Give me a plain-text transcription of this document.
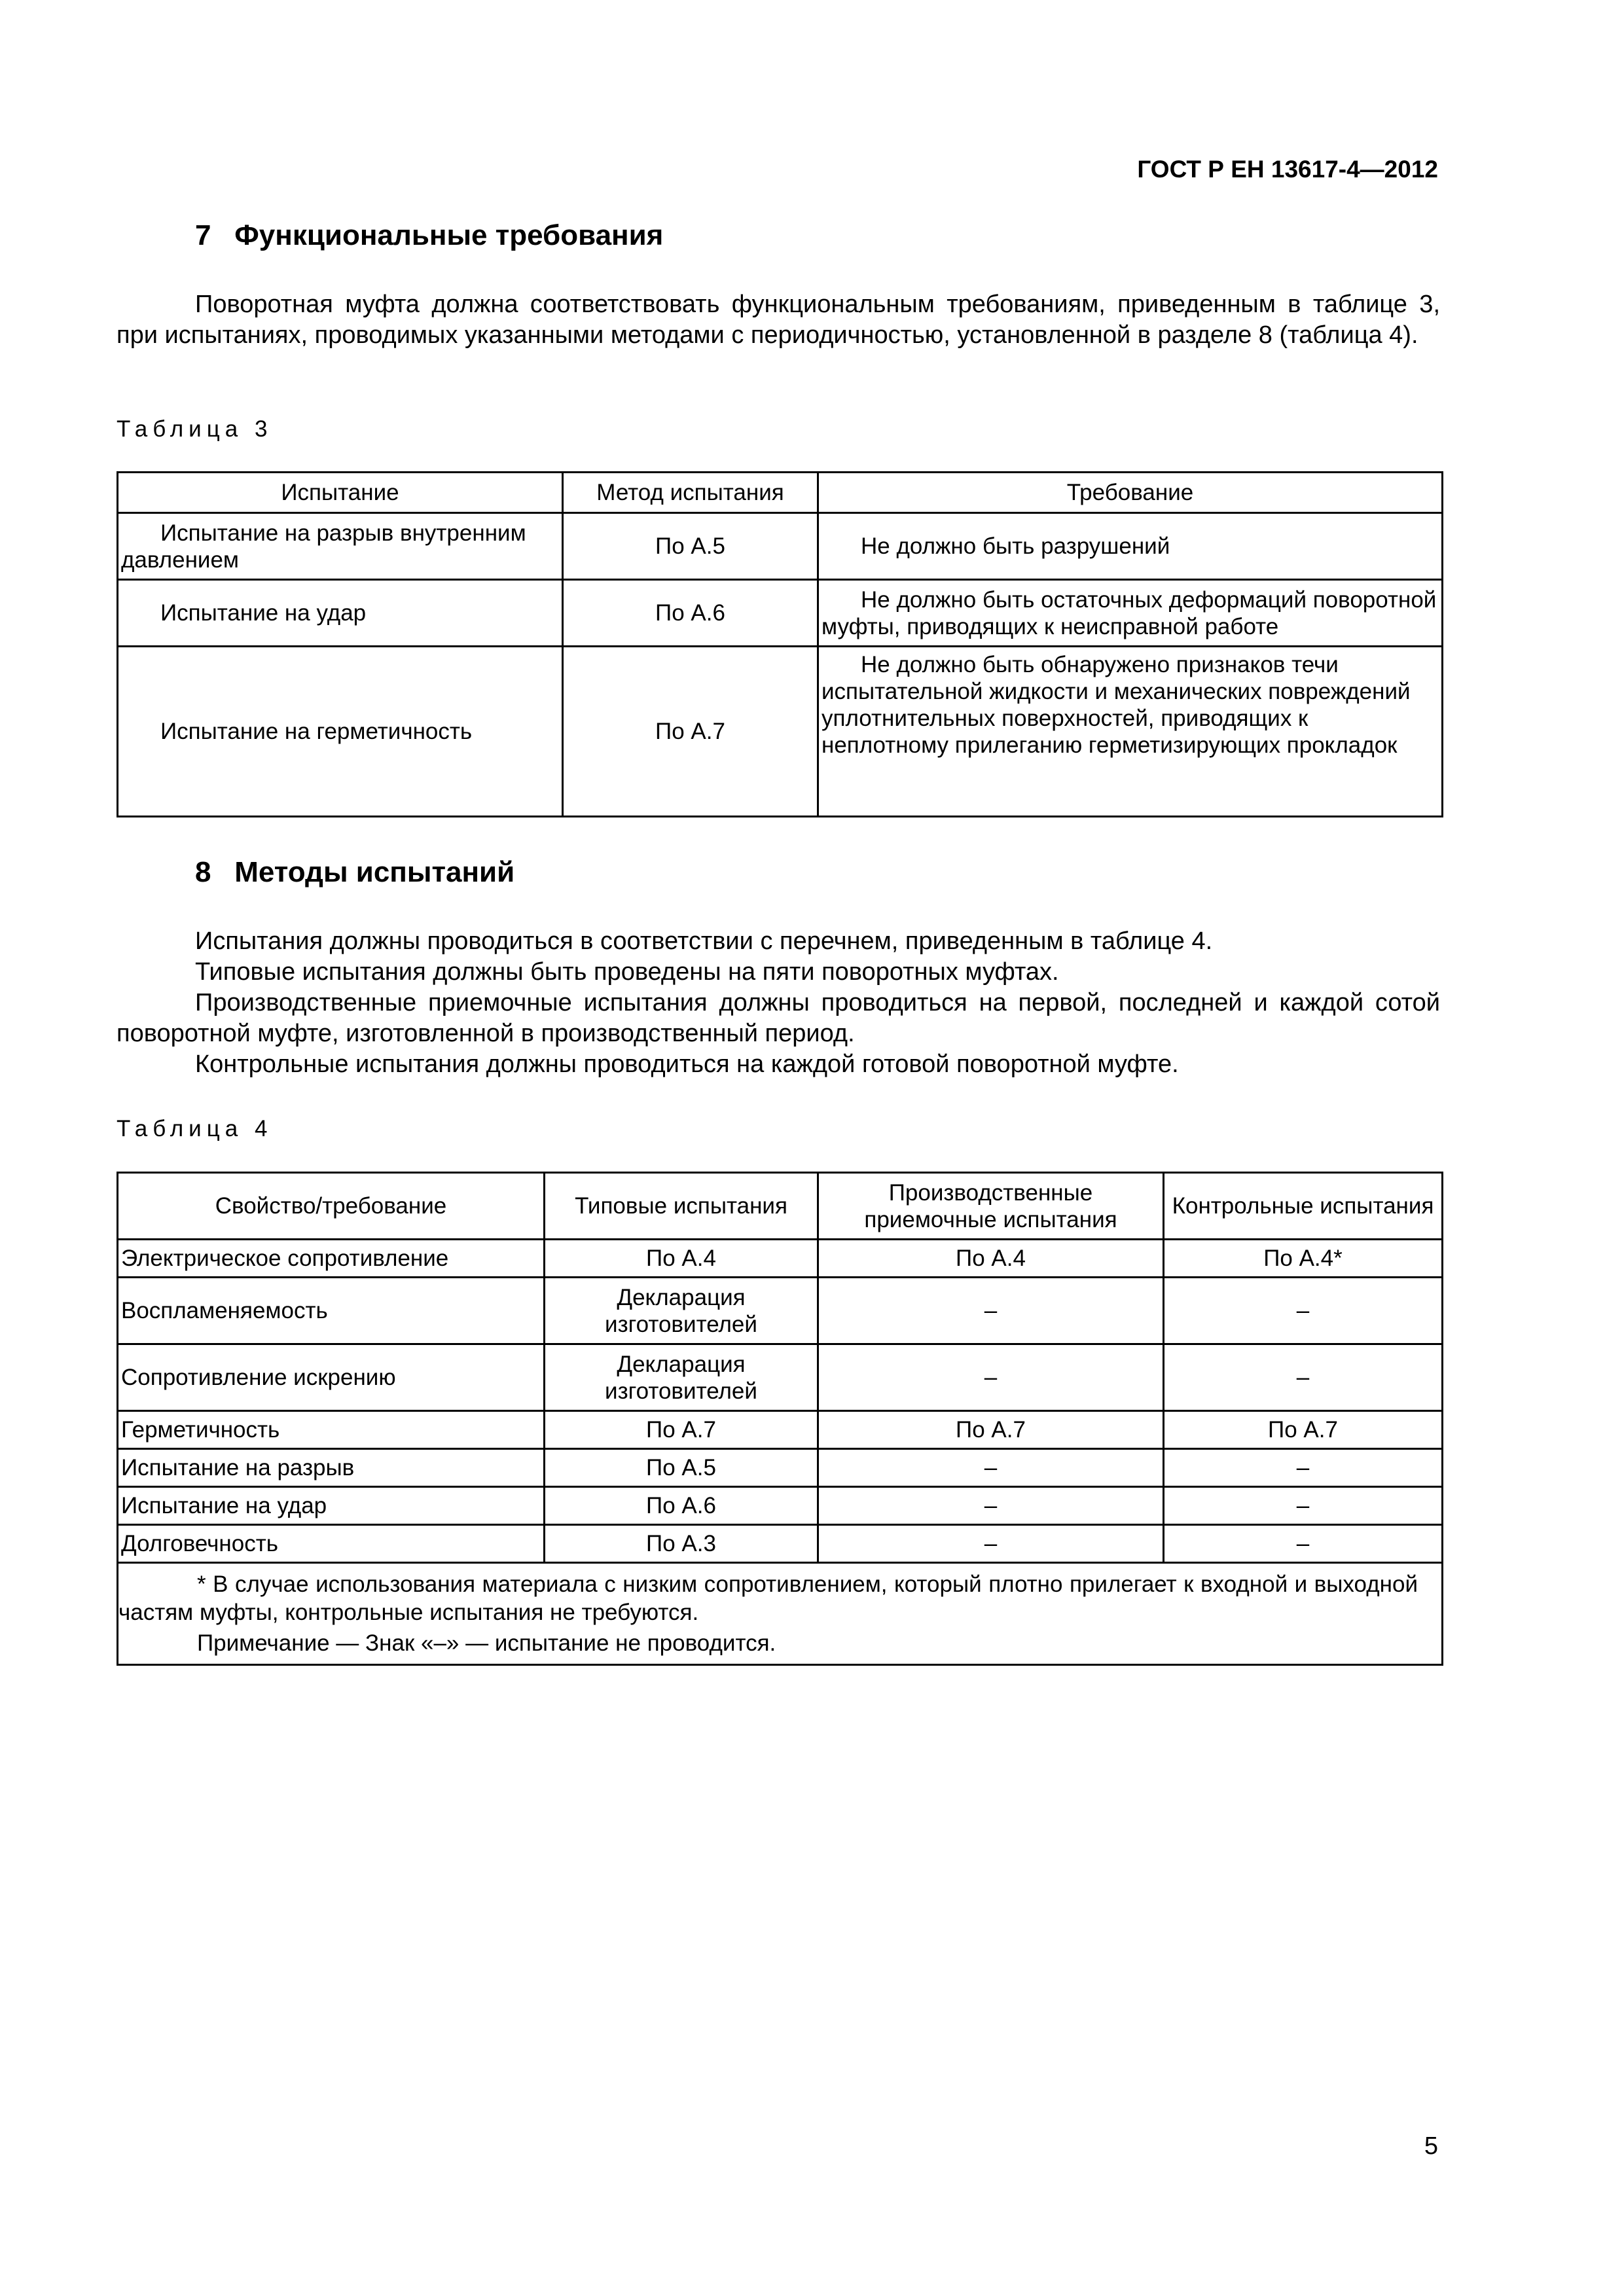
ГОСТ Р ЕН 13617-4—2012
7 Функциональные требования

Поворотная муфта должна соответствовать функциональным требованиям, приведенным в таблице 3, при испытаниях, проводимых указанными методами с периодичностью, установленной в разделе 8 (таблица 4).

Таблица 3
Испытание	Метод испытания	Требование
Испытание на разрыв внутренним давлением	По А.5	Не должно быть разрушений
Испытание на удар	По А.6	Не должно быть остаточных деформаций поворотной муфты, приводящих к неисправной работе
Испытание на герметичность	По А.7	Не должно быть обнаружено признаков течи испытательной жидкости и механических повреждений уплотнительных поверхностей, приводящих к неплотному прилеганию герметизирующих прокладок
8 Методы испытаний

Испытания должны проводиться в соответствии с перечнем, приведенным в таблице 4.

Типовые испытания должны быть проведены на пяти поворотных муфтах.

Производственные приемочные испытания должны проводиться на первой, последней и каждой сотой поворотной муфте, изготовленной в производственный период.

Контрольные испытания должны проводиться на каждой готовой поворотной муфте.

Таблица 4
Свойство/требование	Типовые испытания	Производственные приемочные испытания	Контрольные испытания
Электрическое сопротивление	По А.4	По А.4	По А.4*
Воспламеняемость	Декларация изготовителей	–	–
Сопротивление искрению	Декларация изготовителей	–	–
Герметичность	По А.7	По А.7	По А.7
Испытание на разрыв	По А.5	–	–
Испытание на удар	По А.6	–	–
Долговечность	По А.3	–	–

* В случае использования материала с низким сопротивлением, который плотно прилегает к входной и выходной частям муфты, контрольные испытания не требуются.

Примечание — Знак «–» — испытание не проводится.			

5
